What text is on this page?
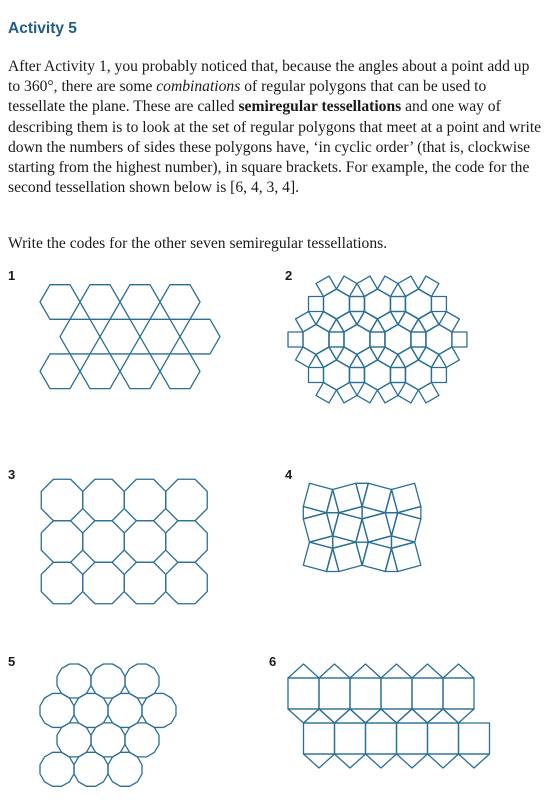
Activity 5

After Activity 1, you probably noticed that, because the angles about a point add up to 360°, there are some combinations of regular polygons that can be used to tessellate the plane. These are called semiregular tessellations and one way of describing them is to look at the set of regular polygons that meet at a point and write down the numbers of sides these polygons have, ‘in cyclic order’ (that is, clockwise starting from the highest number), in square brackets. For example, the code for the second tessellation shown below is [6, 4, 3, 4].

Write the codes for the other seven semiregular tessellations.

1	2
3	4
5	6
